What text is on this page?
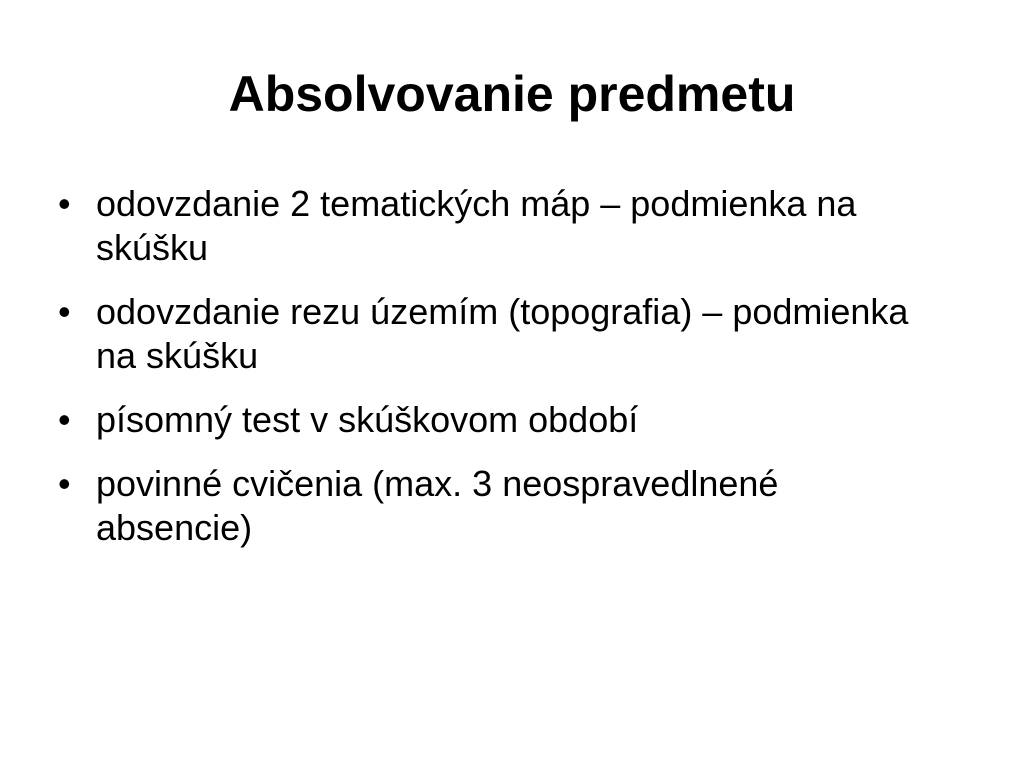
Absolvovanie predmetu
• odovzdanie 2 tematických máp – podmienka na skúšku
• odovzdanie rezu územím (topografia) – podmienka na skúšku
• písomný test v skúškovom období
• povinné cvičenia (max. 3 neospravedlnené absencie)
